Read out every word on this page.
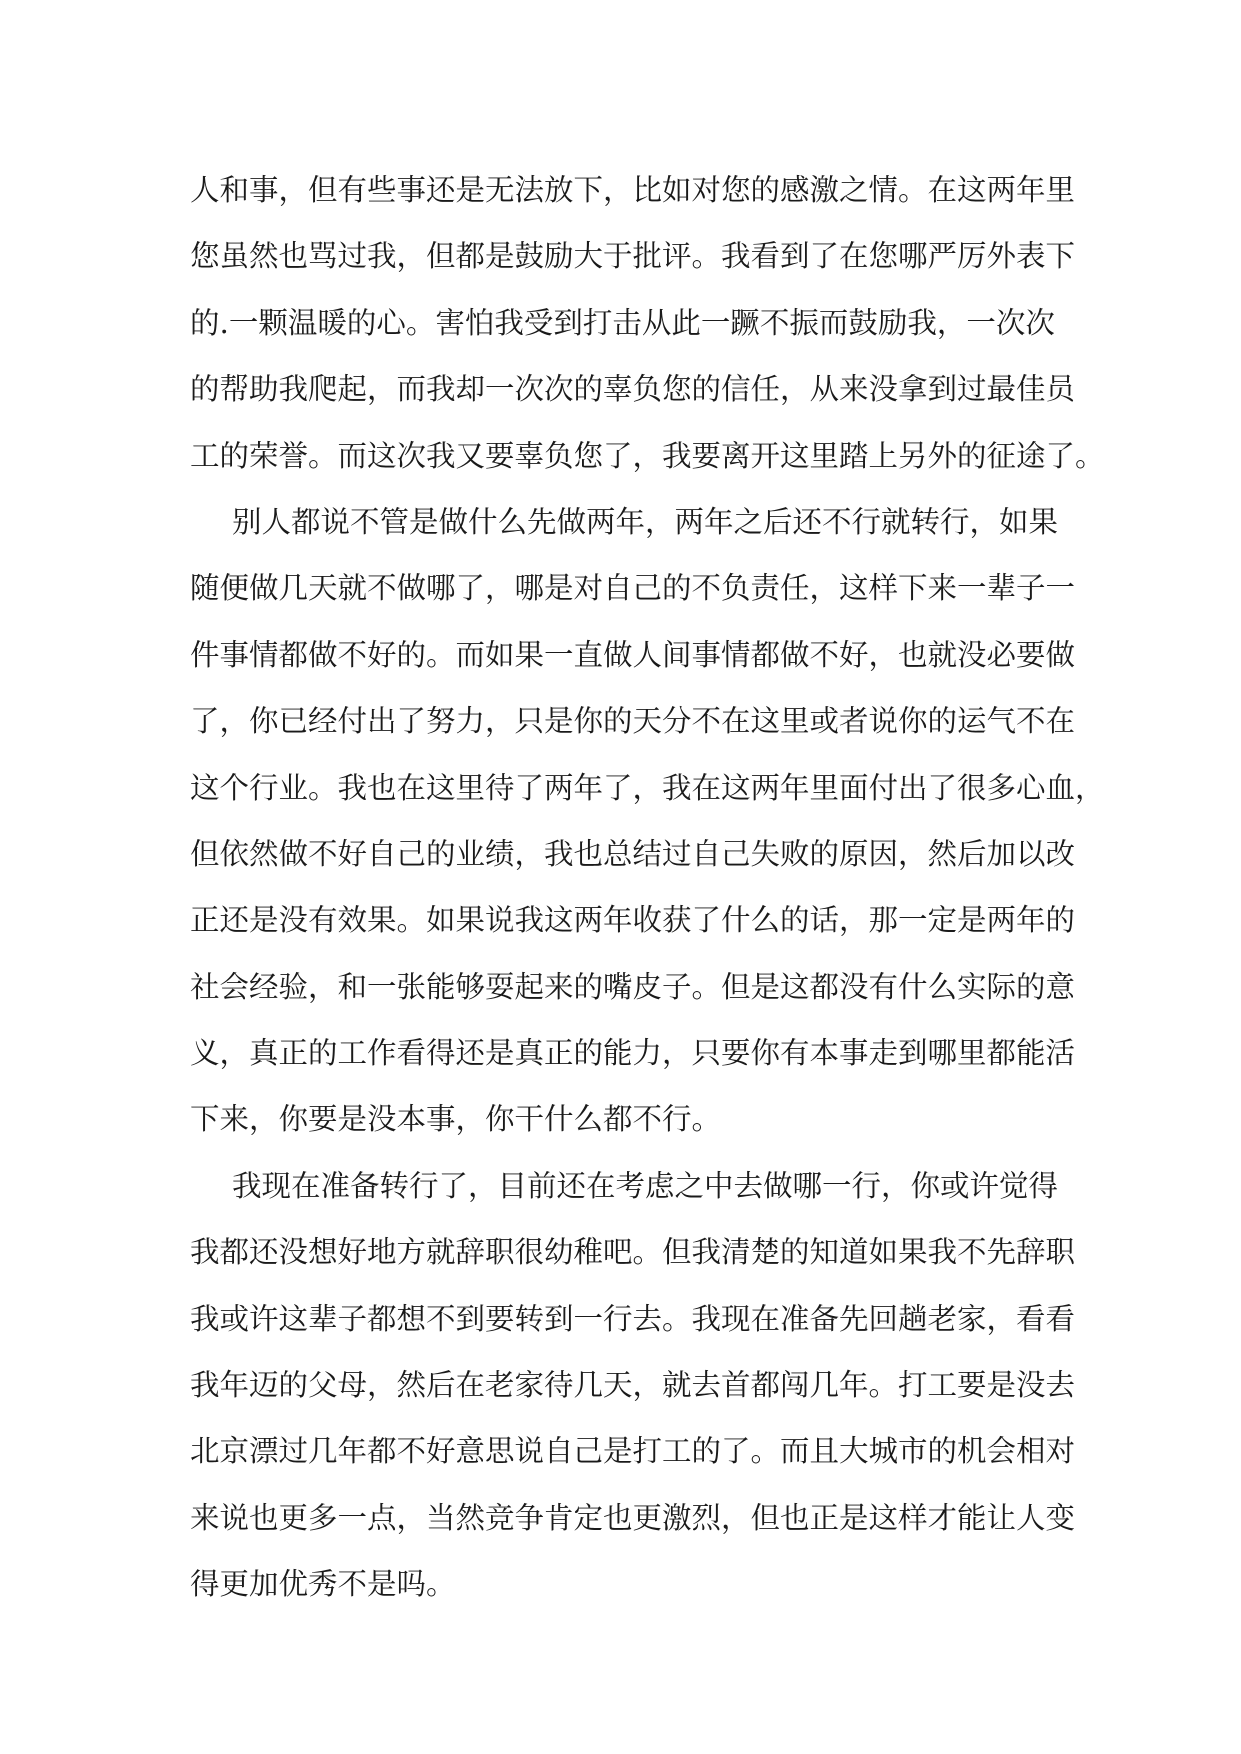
人和事，但有些事还是无法放下，比如对您的感激之情。在这两年里
您虽然也骂过我，但都是鼓励大于批评。我看到了在您哪严厉外表下
的.一颗温暖的心。害怕我受到打击从此一蹶不振而鼓励我，一次次
的帮助我爬起，而我却一次次的辜负您的信任，从来没拿到过最佳员
工的荣誉。而这次我又要辜负您了，我要离开这里踏上另外的征途了。
别人都说不管是做什么先做两年，两年之后还不行就转行，如果
随便做几天就不做哪了，哪是对自己的不负责任，这样下来一辈子一
件事情都做不好的。而如果一直做人间事情都做不好，也就没必要做
了，你已经付出了努力，只是你的天分不在这里或者说你的运气不在
这个行业。我也在这里待了两年了，我在这两年里面付出了很多心血，
但依然做不好自己的业绩，我也总结过自己失败的原因，然后加以改
正还是没有效果。如果说我这两年收获了什么的话，那一定是两年的
社会经验，和一张能够耍起来的嘴皮子。但是这都没有什么实际的意
义，真正的工作看得还是真正的能力，只要你有本事走到哪里都能活
下来，你要是没本事，你干什么都不行。
我现在准备转行了，目前还在考虑之中去做哪一行，你或许觉得
我都还没想好地方就辞职很幼稚吧。但我清楚的知道如果我不先辞职
我或许这辈子都想不到要转到一行去。我现在准备先回趟老家，看看
我年迈的父母，然后在老家待几天，就去首都闯几年。打工要是没去
北京漂过几年都不好意思说自己是打工的了。而且大城市的机会相对
来说也更多一点，当然竞争肯定也更激烈，但也正是这样才能让人变
得更加优秀不是吗。
